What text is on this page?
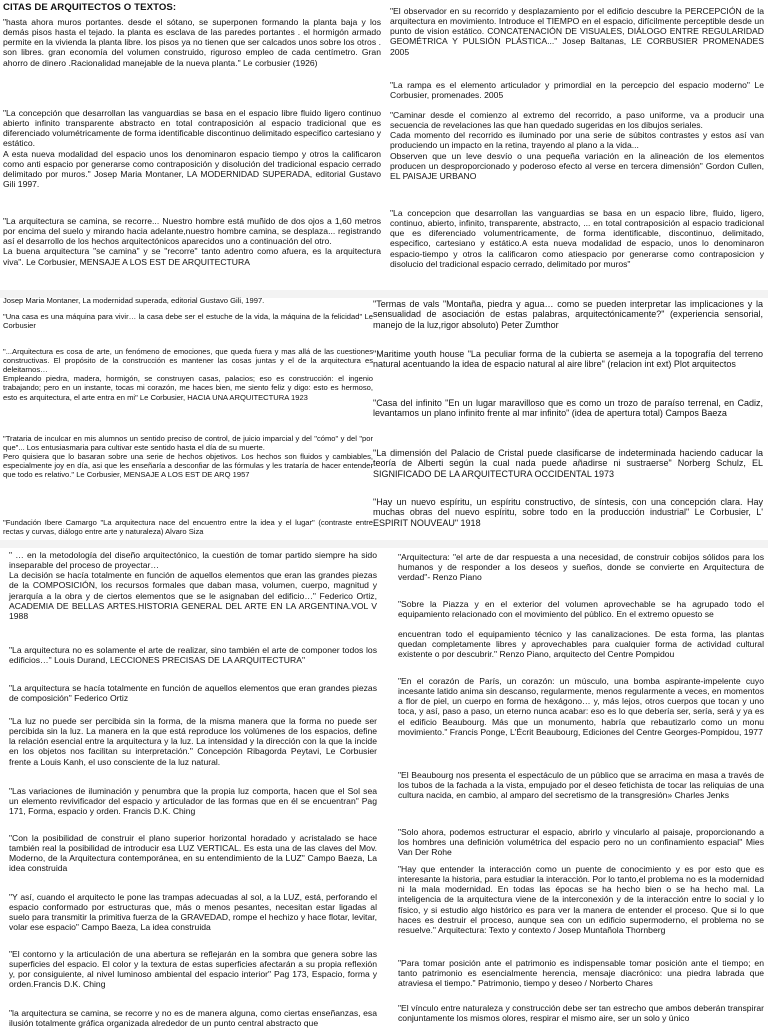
CITAS DE ARQUITECTOS O TEXTOS:

"hasta ahora muros portantes. desde el sótano, se superponen formando la planta baja y los demás pisos hasta el tejado. la planta es esclava de las paredes portantes . el hormigón armado permite en la vivienda la planta libre. los pisos ya no tienen que ser calcados unos sobre los otros . son libres. gran economía del volumen construido, riguroso empleo de cada centímetro. Gran ahorro de dinero .Racionalidad manejable de la nueva planta." Le corbusier (1926)

"La concepción que desarrollan las vanguardias se basa en el espacio libre fluido ligero continuo abierto infinito transparente abstracto en total contraposición al espacio tradicional que es diferenciado volumétricamente de forma identificable discontinuo delimitado especifico cartesiano y estático.
A esta nueva modalidad del espacio unos los denominaron espacio tiempo y otros la calificaron como anti espacio por generarse como contraposición y disolución del tradicional espacio cerrado delimitado por muros." Josep Maria Montaner, LA MODERNIDAD SUPERADA, editorial Gustavo Gili 1997.

"La arquitectura se camina, se recorre... Nuestro hombre está muñido de dos ojos a 1,60 metros por encima del suelo y mirando hacia adelante,nuestro hombre camina, se desplaza... registrando así el desarrollo de los hechos arquitectónicos aparecidos uno a continuación del otro.
La buena arquitectura "se camina" y se "recorre" tanto adentro como afuera, es la arquitectura viva". Le Corbusier, MENSAJE A LOS EST DE ARQUITECTURA

Josep Maria Montaner, La modernidad superada, editorial Gustavo Gili, 1997.

"Una casa es una máquina para vivir… la casa debe ser el estuche de la vida, la máquina de la felicidad" Le Corbusier

"...Arquitectura es cosa de arte, un fenómeno de emociones, que queda fuera y mas allá de las cuestiones constructivas. El propósito de la construcción es mantener las cosas juntas y el de la arquitectura es deleitarnos…
Empleando piedra, madera, hormigón, se construyen casas, palacios; eso es construcción: el ingenio trabajando; pero en un instante, tocas mi corazón, me haces bien, me siento feliz y digo: esto es hermoso, esto es arquitectura, el arte entra en mi" Le Corbusier, HACIA UNA ARQUITECTURA 1923

"Trataria de inculcar en mis alumnos un sentido preciso de control, de juicio imparcial y del "cómo" y del "por que"... Los entusiasmaria para cultivar este sentido hasta el día de su muerte.
Pero quisiera que lo basaran sobre una serie de hechos objetivos. Los hechos son fluidos y cambiables, especialmente joy en día, asi que les enseñaría a desconfiar de las fórmulas y les trataría de hacer entender que todo es relativo." Le Corbusier, MENSAJE A LOS EST DE ARQ 1957

"Fundación Ibere Camargo "La arquitectura nace del encuentro entre la idea y el lugar" (contraste entre rectas y curvas, diálogo entre arte y naturaleza) Alvaro Siza

"El observador en su recorrido y desplazamiento por el edificio descubre la PERCEPCIÓN de la arquitectura en movimiento. Introduce el TIEMPO en el espacio, difícilmente perceptible desde un punto de vision estático. CONCATENACIÓN DE VISUALES, DIÁLOGO ENTRE REGULARIDAD GEOMÉTRICA Y PULSIÓN PLÁSTICA..." Josep Baltanas, LE CORBUSIER PROMENADES 2005

"La rampa es el elemento articulador y primordial en la percepcio del espacio moderno" Le Corbusier, promenades. 2005

"Caminar desde el comienzo al extremo del recorrido, a paso uniforme, va a producir una secuencia de revelaciones las que han quedado sugeridas en los dibujos seriales.
Cada momento del recorrido es iluminado por una serie de súbitos contrastes y estos así van produciendo un impacto en la retina, trayendo al plano a la vida...
Observen que un leve desvío o una pequeña variación en la alineación de los elementos producen un desproporcionado y poderoso efecto al verse en tercera dimensión" Gordon Cullen, EL PAISAJE URBANO

"La concepcion que desarrollan las vanguardias se basa en un espacio libre, fluido, ligero, continuo, abierto, infinito, transparente, abstracto, ... en total contraposición al espacio tradicional que es diferenciado volumentricamente, de forma identificable, discontinuo, delimitado, especifico, cartesiano y estático.A esta nueva modalidad de espacio, unos lo denominaron espacio-tiempo y otros la calificaron como atiespacio por generarse como contraposicion y disolucio del tradicional espacio cerrado, delimitado por muros"

"Termas de vals "Montaña, piedra y agua… como se pueden interpretar las implicaciones y la sensualidad de asociación de estas palabras, arquitectónicamente?" (experiencia sensorial, manejo de la luz,rigor absoluto) Peter Zumthor

"Maritime youth house "La peculiar forma de la cubierta se asemeja a la topografía del terreno natural acentuando la idea de espacio natural al aire libre" (relacion int ext) Plot arquitectos

"Casa del infinito "En un lugar maravilloso que es como un trozo de paraíso terrenal, en Cadiz, levantamos un plano infinito frente al mar infinito" (idea de apertura total) Campos Baeza

"La dimensión del Palacio de Cristal puede clasificarse de indeterminada haciendo caducar la teoría de Alberti según la cual nada puede añadirse ni sustraerse" Norberg Schulz, EL SIGNIFICADO DE LA ARQUITECTURA OCCIDENTAL 1973

"Hay un nuevo espíritu, un espíritu constructivo, de síntesis, con una concepción clara. Hay muchas obras del nuevo espíritu, sobre todo en la producción industrial" Le Corbusier, L' ESPIRIT NOUVEAU" 1918

" … en la metodología del diseño arquitectónico, la cuestión de tomar partido siempre ha sido inseparable del proceso de proyectar…
La decisión se hacía totalmente en función de aquellos elementos que eran las grandes piezas de la COMPOSICIÓN, los recursos formales que daban masa, volumen, cuerpo, magnitud y jerarquía a la obra y de ciertos elementos que se le asignaban del edificio…" Federico Ortiz, ACADEMIA DE BELLAS ARTES.HISTORIA GENERAL DEL ARTE EN LA ARGENTINA.VOL V 1988

"La arquitectura no es solamente el arte de realizar, sino también el arte de componer todos los edificios…" Louis Durand, LECCIONES PRECISAS DE LA ARQUITECTURA"

"La arquitectura se hacía totalmente en función de aquellos elementos que eran grandes piezas de composición" Federico Ortiz

"La luz no puede ser percibida sin la forma, de la misma manera que la forma no puede ser percibida sin la luz. La manera en la que está reproduce los volúmenes de los espacios, define la relación esencial entre la arquitectura y la luz. La intensidad y la dirección con la que la incide en los objetos nos facilitan su interpretación." Concepción Ribagorda Peytavi, Le Corbusier frente a Louis Kanh, el uso consciente de la luz natural.

"Las variaciones de iluminación y penumbra que la propia luz comporta, hacen que el Sol sea un elemento revivificador del espacio y articulador de las formas que en él se encuentran" Pag 171, Forma, espacio y orden. Francis D.K. Ching

"Con la posibilidad de construir el plano superior horizontal horadado y acristalado se hace también real la posibilidad de introducir esa LUZ VERTICAL. Es esta una de las claves del Mov. Moderno, de la Arquitectura contemporánea, en su entendimiento de la LUZ" Campo Baeza, La idea construida

"Y así, cuando el arquitecto le pone las trampas adecuadas al sol, a la LUZ, está, perforando el espacio conformado por estructuras que, más o menos pesantes, necesitan estar ligadas al suelo para transmitir la primitiva fuerza de la GRAVEDAD, rompe el hechizo y hace flotar, levitar, volar ese espacio" Campo Baeza, La idea construida

"El contorno y la articulación de una abertura se reflejarán en la sombra que genera sobre las superficies del espacio. El color y la textura de estas superficies afectarán a su propia reflexión y, por consiguiente, al nivel luminoso ambiental del espacio interior" Pag 173, Espacio, forma y orden.Francis D.K. Ching

"la arquitectura se camina, se recorre y no es de manera alguna, como ciertas enseñanzas, esa ilusión totalmente gráfica organizada alrededor de un punto central abstracto que

"Arquitectura: "el arte de dar respuesta a una necesidad, de construir cobijos sólidos para los humanos y de responder a los deseos y sueños, donde se convierte en Arquitectura de verdad"- Renzo Piano

"Sobre la Piazza y en el exterior del volumen aprovechable se ha agrupado todo el equipamiento relacionado con el movimiento del público. En el extremo opuesto se

encuentran todo el equipamiento técnico y las canalizaciones. De esta forma, las plantas quedan completamente libres y aprovechables para cualquier forma de actividad cultural existente o por descubrir." Renzo Piano, arquitecto del Centre Pompidou

"En el corazón de París, un corazón: un músculo, una bomba aspirante-impelente cuyo incesante latido anima sin descanso, regularmente, menos regularmente a veces, en momentos a flor de piel, un cuerpo en forma de hexágono… y, más lejos, otros cuerpos que tocan y uno toca, y así, paso a paso, un eterno nunca acabar: eso es lo que debería ser, sería, será y ya es el edificio Beaubourg. Más que un monumento, habría que rebautizarlo como un monu movimiento." Francis Ponge, L'Écrit Beaubourg, Ediciones del Centre Georges-Pompidou, 1977

"El Beaubourg nos presenta el espectáculo de un público que se arracima en masa a través de los tubos de la fachada a la vista, empujado por el deseo fetichista de tocar las reliquias de una cultura nacida, en cambio, al amparo del secretismo de la transgresión» Charles Jenks

"Solo ahora, podemos estructurar el espacio, abrirlo y vincularlo al paisaje, proporcionando a los hombres una definición volumétrica del espacio pero no un confinamiento espacial" Mies Van Der Rohe

"Hay que entender la interacción como un puente de conocimiento y es por esto que es interesante la historia, para estudiar la interacción. Por lo tanto,el problema no es la modernidad ni la mala modernidad. En todas las épocas se ha hecho bien o se ha hecho mal. La inteligencia de la arquitectura viene de la interconexión y de la interacción entre lo social y lo físico, y si estudio algo histórico es para ver la manera de entender el proceso. Que si lo que haces es destruir el proceso, aunque sea con un edificio supermoderno, el problema no se resuelve." Arquitectura: Texto y contexto / Josep Muntañola Thornberg

"Para tomar posición ante el patrimonio es indispensable tomar posición ante el tiempo; en tanto patrimonio es esencialmente herencia, mensaje diacrónico: una piedra labrada que atraviesa el tiempo." Patrimonio, tiempo y deseo / Norberto Chares

"El vínculo entre naturaleza y construcción debe ser tan estrecho que ambos deberán transpirar conjuntamente los mismos olores, respirar el mismo aire, ser un solo y único
